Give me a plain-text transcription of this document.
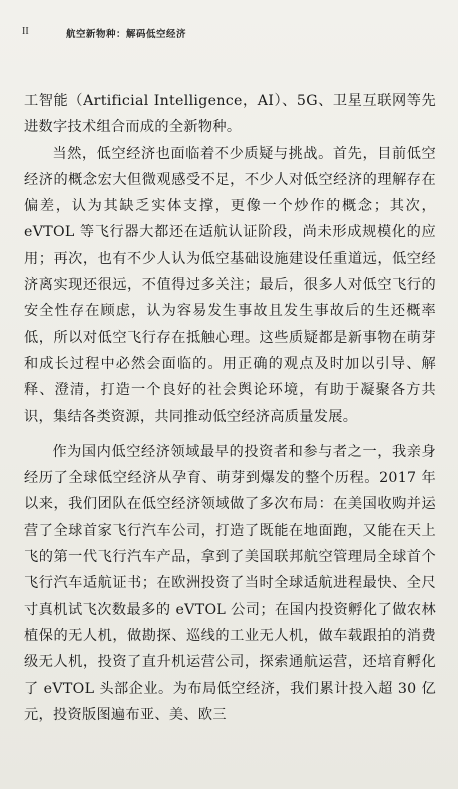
II	航空新物种：解码低空经济

工智能（Artificial Intelligence，AI）、5G、卫星互联网等先进数字技术组合而成的全新物种。

当然，低空经济也面临着不少质疑与挑战。首先，目前低空经济的概念宏大但微观感受不足，不少人对低空经济的理解存在偏差，认为其缺乏实体支撑，更像一个炒作的概念；其次，eVTOL 等飞行器大都还在适航认证阶段，尚未形成规模化的应用；再次，也有不少人认为低空基础设施建设任重道远，低空经济离实现还很远，不值得过多关注；最后，很多人对低空飞行的安全性存在顾虑，认为容易发生事故且发生事故后的生还概率低，所以对低空飞行存在抵触心理。这些质疑都是新事物在萌芽和成长过程中必然会面临的。用正确的观点及时加以引导、解释、澄清，打造一个良好的社会舆论环境，有助于凝聚各方共识，集结各类资源，共同推动低空经济高质量发展。

作为国内低空经济领域最早的投资者和参与者之一，我亲身经历了全球低空经济从孕育、萌芽到爆发的整个历程。2017 年以来，我们团队在低空经济领域做了多次布局：在美国收购并运营了全球首家飞行汽车公司，打造了既能在地面跑，又能在天上飞的第一代飞行汽车产品，拿到了美国联邦航空管理局全球首个飞行汽车适航证书；在欧洲投资了当时全球适航进程最快、全尺寸真机试飞次数最多的 eVTOL 公司；在国内投资孵化了做农林植保的无人机，做勘探、巡线的工业无人机，做车载跟拍的消费级无人机，投资了直升机运营公司，探索通航运营，还培育孵化了 eVTOL 头部企业。为布局低空经济，我们累计投入超 30 亿元，投资版图遍布亚、美、欧三
